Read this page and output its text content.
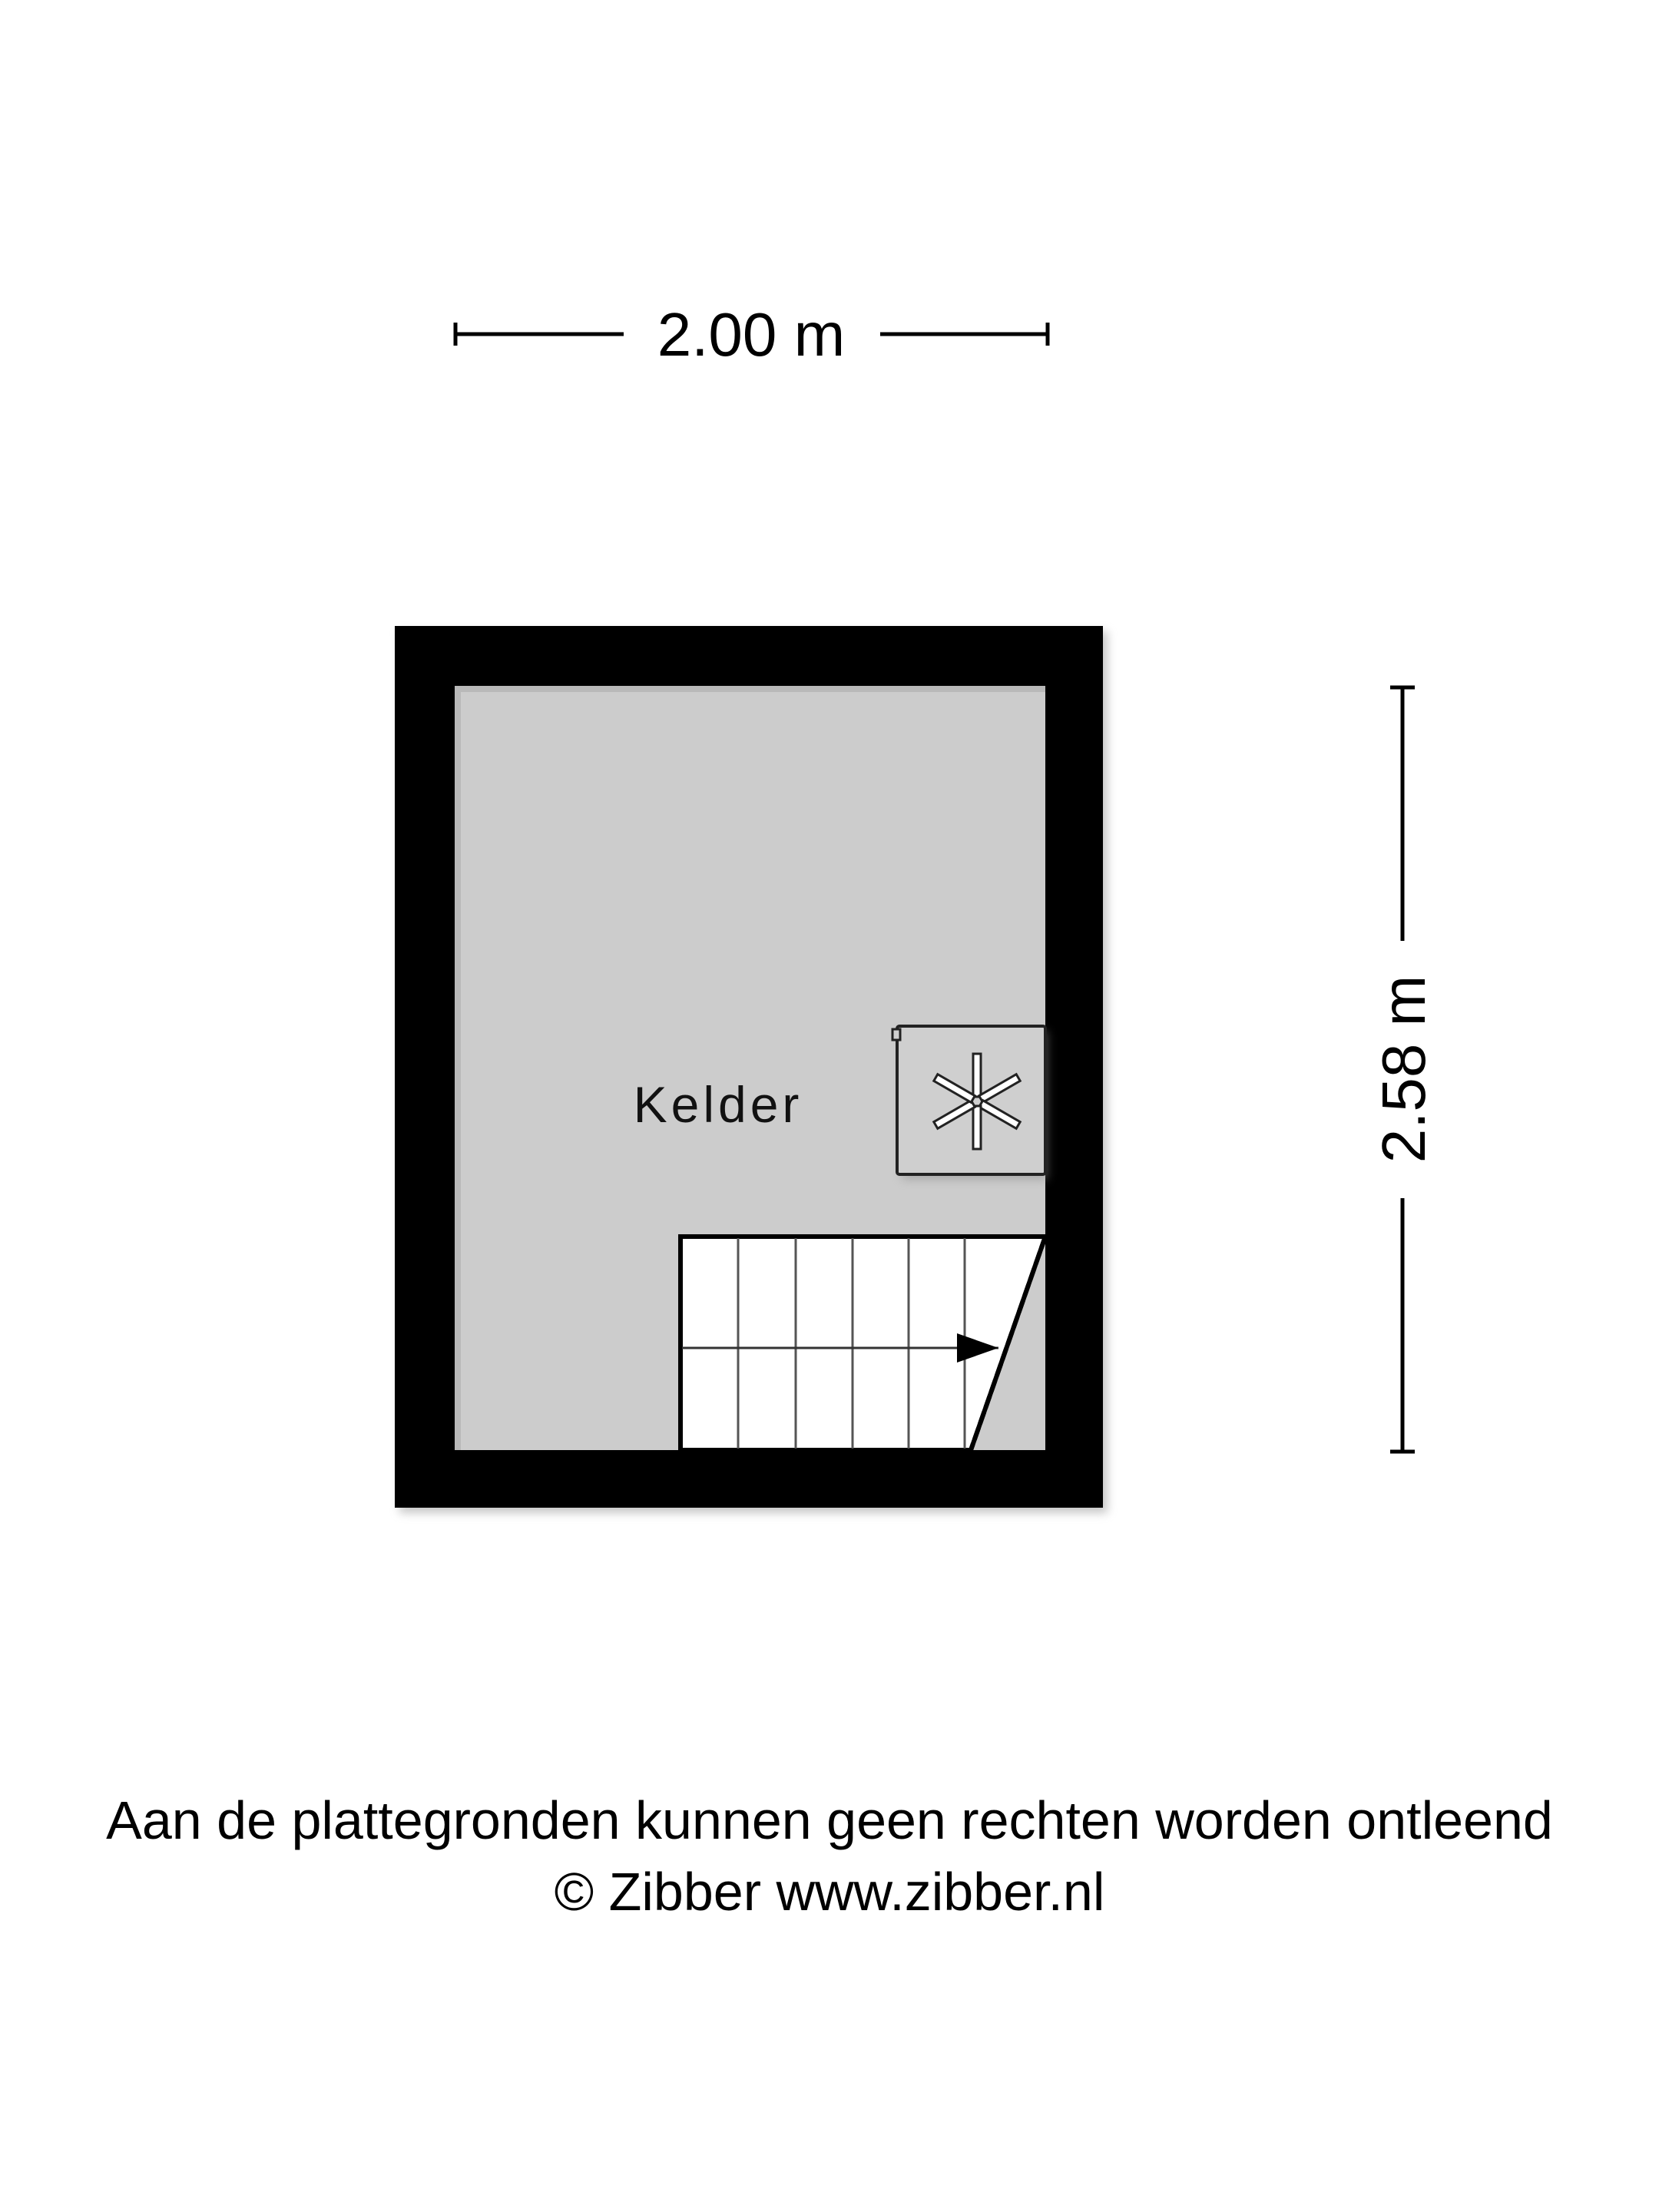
2.00 m
2.58 m
Kelder
Aan de plattegronden kunnen geen rechten worden ontleend
© Zibber www.zibber.nl
